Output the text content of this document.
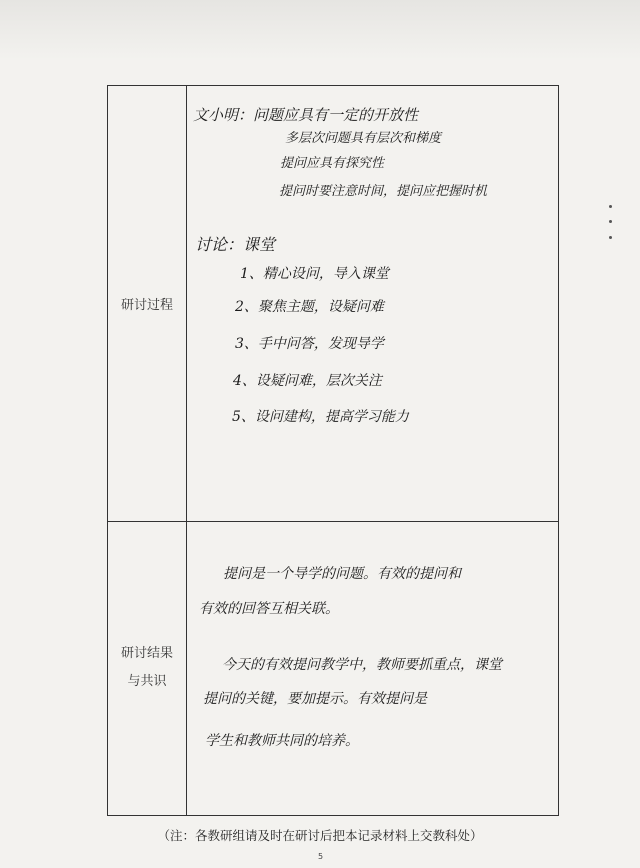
研讨过程
研讨结果
与共识
文小明：问题应具有一定的开放性
多层次问题具有层次和梯度
提问应具有探究性
提问时要注意时间，提问应把握时机
讨论：课堂
1、精心设问，导入课堂
2、聚焦主题，设疑问难
3、手中问答，发现导学
4、设疑问难，层次关注
5、设问建构，提高学习能力
提问是一个导学的问题。有效的提问和
有效的回答互相关联。
今天的有效提问教学中，教师要抓重点，课堂
提问的关键，要加提示。有效提问是
学生和教师共同的培养。
（注：各教研组请及时在研讨后把本记录材料上交教科处）
5
